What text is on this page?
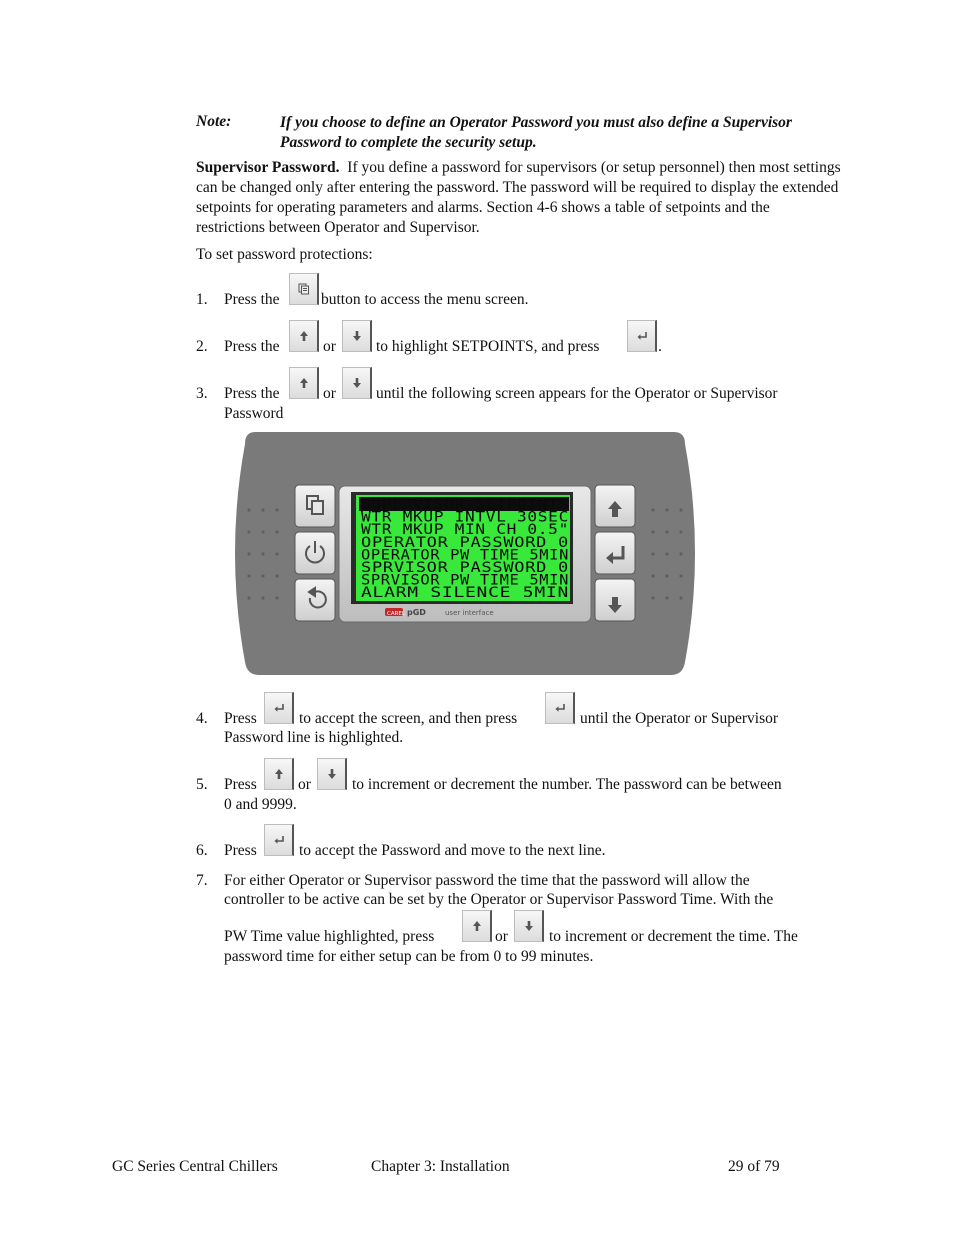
Note:	If you choose to define an Operator Password you must also define a Supervisor Password to complete the security setup.
Supervisor Password. If you define a password for supervisors (or setup personnel) then most settings can be changed only after entering the password. The password will be required to display the extended setpoints for operating parameters and alarms. Section 4-6 shows a table of setpoints and the restrictions between Operator and Supervisor.
To set password protections:
1. Press the	button to access the menu screen.
2. Press the	or	to highlight SETPOINTS, and press	.
3. Press the	or	until the following screen appears for the Operator or Supervisor
Password
SUPERVISOR SETPOINTS
WTR MKUP INTVL 30SEC
WTR MKUP MIN CH 0.5"
OPERATOR PASSWORD 0
OPERATOR PW TIME 5MIN
SPRVISOR PASSWORD 0
SPRVISOR PW TIME 5MIN
ALARM SILENCE 5MIN
CAREL pGD	user interface
4. Press	to accept the screen, and then press	until the Operator or Supervisor
Password line is highlighted.
5. Press	or	to increment or decrement the number. The password can be between
0 and 9999.
6. Press	to accept the Password and move to the next line.
7. For either Operator or Supervisor password the time that the password will allow the
controller to be active can be set by the Operator or Supervisor Password Time. With the
PW Time value highlighted, press	or	to increment or decrement the time. The
password time for either setup can be from 0 to 99 minutes.
GC Series Central Chillers	Chapter 3: Installation	29 of 79
